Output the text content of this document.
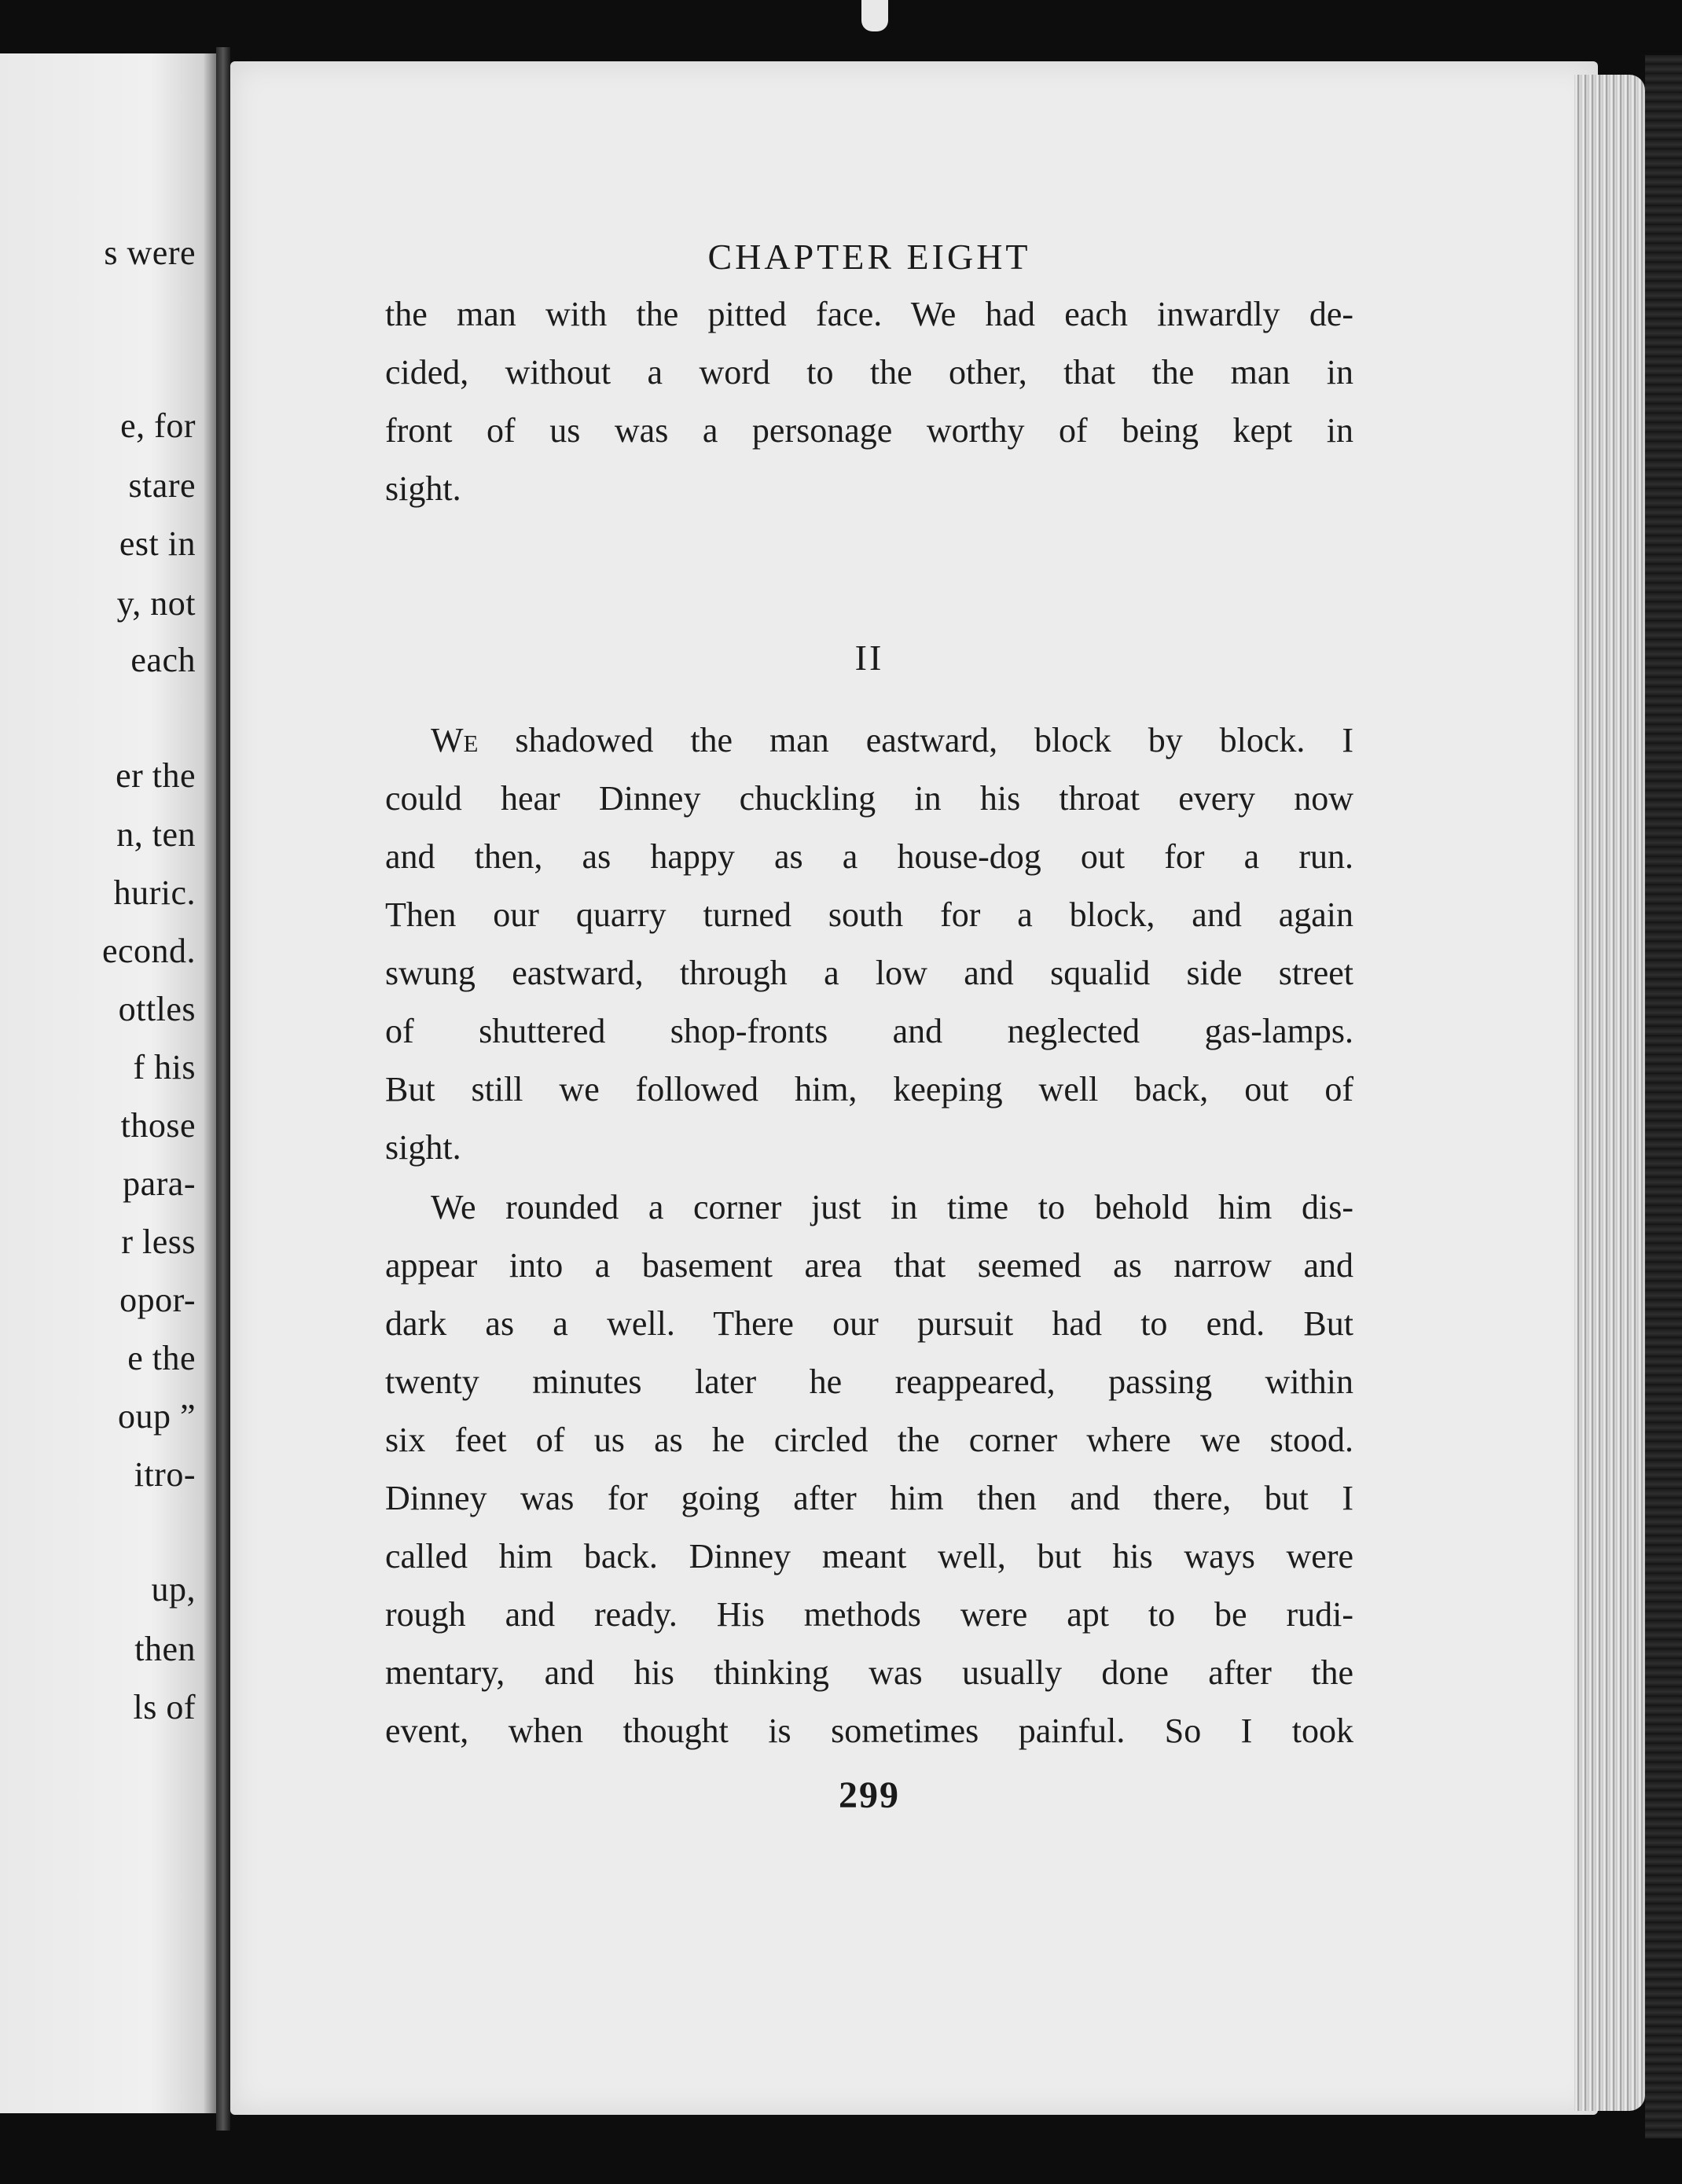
s were
e, for
stare
est in
y, not
each
er the
n, ten
huric.
econd.
ottles
f his
those
para-
r less
opor-
e the
oup ”
itro-
up,
then
ls of
CHAPTER EIGHT
the man with the pitted face. We had each inwardly de-
cided, without a word to the other, that the man in
front of us was a personage worthy of being kept in
sight.
II
We shadowed the man eastward, block by block. I
could hear Dinney chuckling in his throat every now
and then, as happy as a house-dog out for a run.
Then our quarry turned south for a block, and again
swung eastward, through a low and squalid side street
of shuttered shop-fronts and neglected gas-lamps.
But still we followed him, keeping well back, out of
sight.
We rounded a corner just in time to behold him dis-
appear into a basement area that seemed as narrow and
dark as a well. There our pursuit had to end. But
twenty minutes later he reappeared, passing within
six feet of us as he circled the corner where we stood.
Dinney was for going after him then and there, but I
called him back. Dinney meant well, but his ways were
rough and ready. His methods were apt to be rudi-
mentary, and his thinking was usually done after the
event, when thought is sometimes painful. So I took
299
